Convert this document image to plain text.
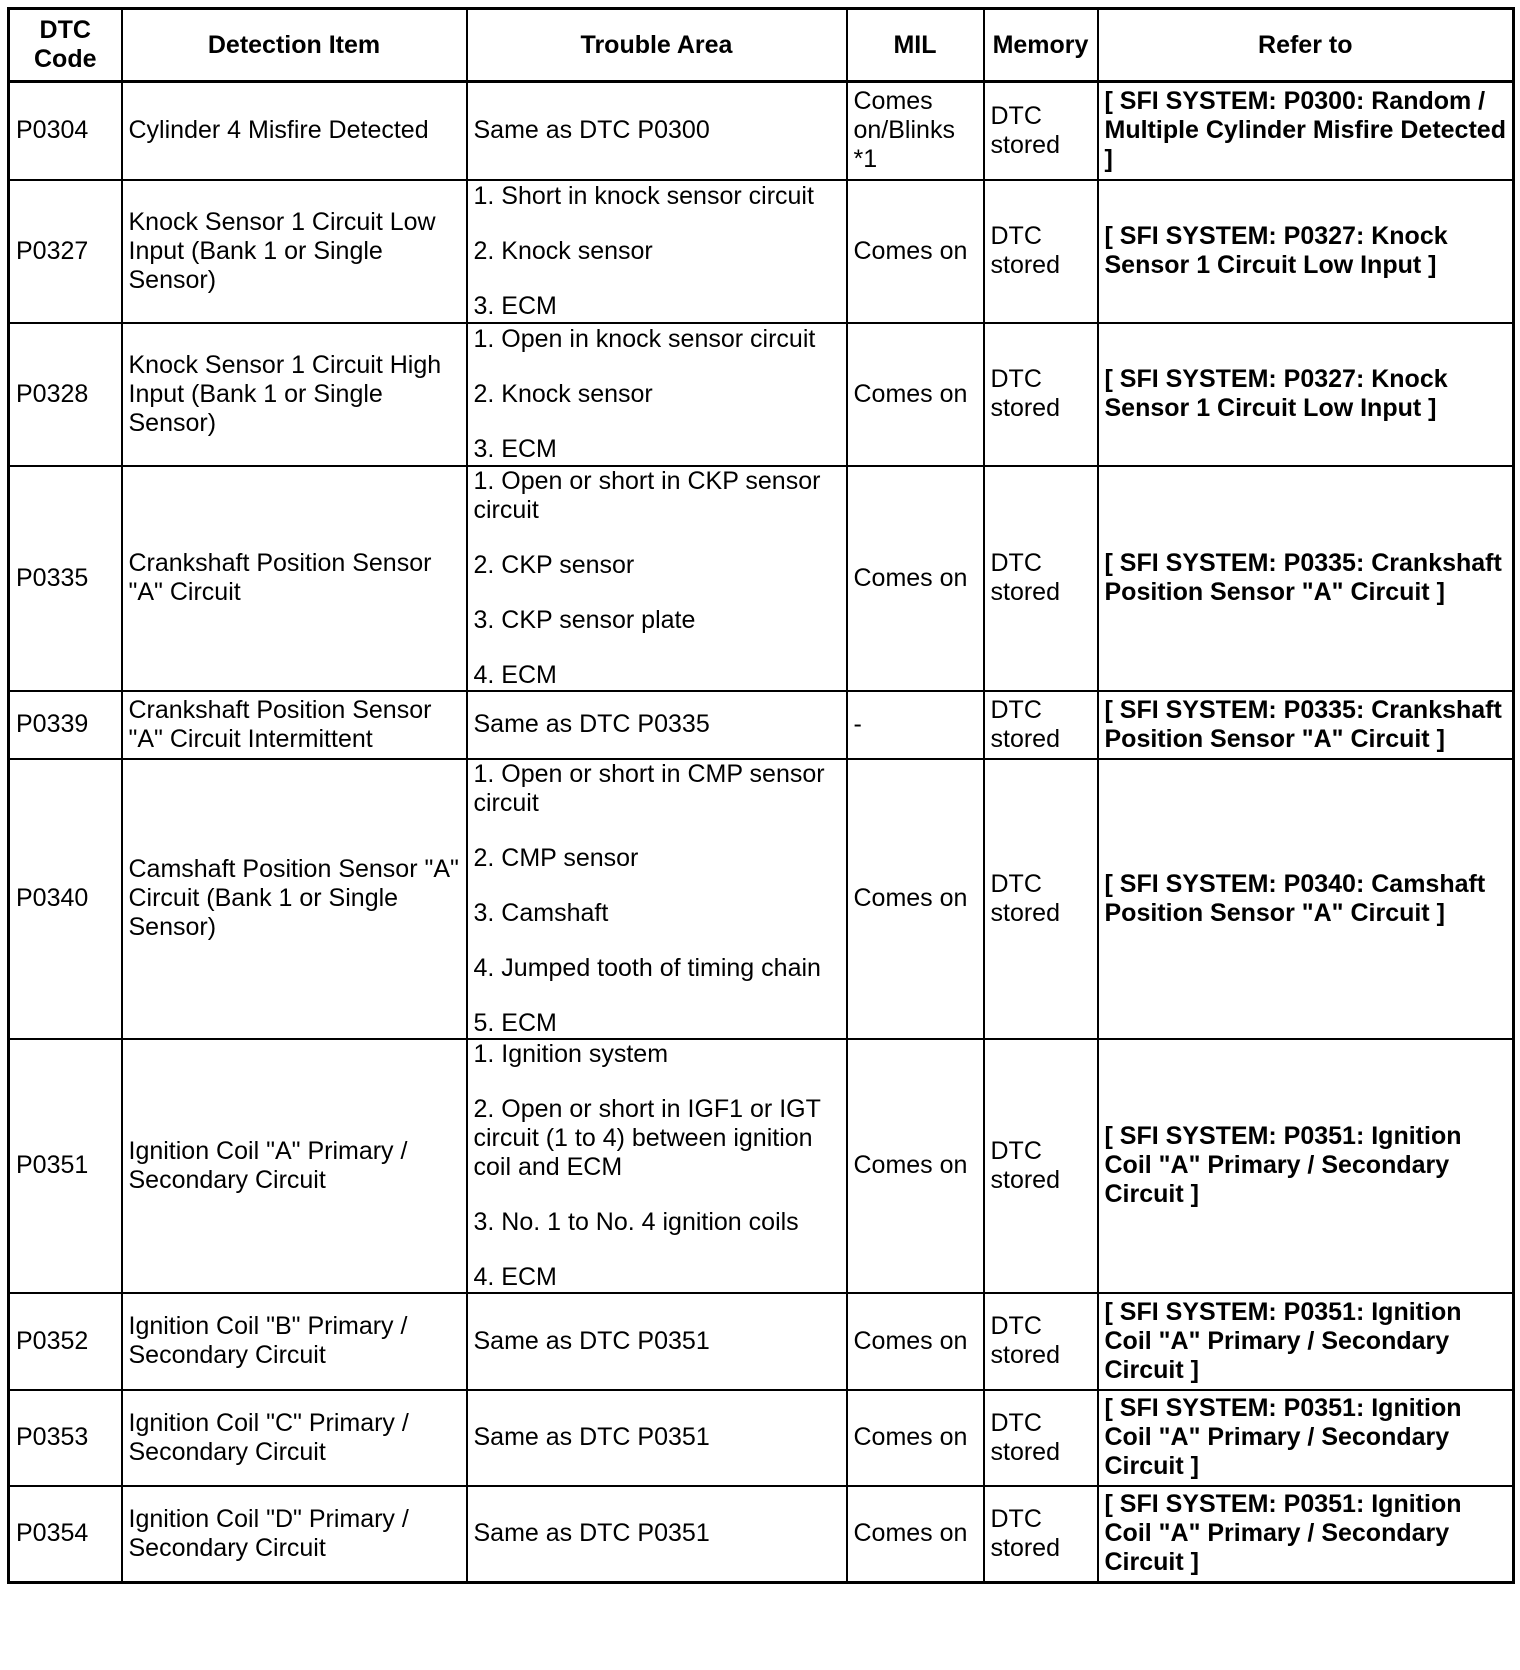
DTC
Code	Detection Item	Trouble Area	MIL	Memory	Refer to
P0304	Cylinder 4 Misfire Detected	Same as DTC P0300	Comes on/Blinks *1	DTC stored	[ SFI SYSTEM: P0300: Random / Multiple Cylinder Misfire Detected ]
P0327	Knock Sensor 1 Circuit Low Input (Bank 1 or Single Sensor)	1. Short in knock sensor circuit
2. Knock sensor
3. ECM	Comes on	DTC stored	[ SFI SYSTEM: P0327: Knock Sensor 1 Circuit Low Input ]
P0328	Knock Sensor 1 Circuit High Input (Bank 1 or Single Sensor)	1. Open in knock sensor circuit
2. Knock sensor
3. ECM	Comes on	DTC stored	[ SFI SYSTEM: P0327: Knock Sensor 1 Circuit Low Input ]
P0335	Crankshaft Position Sensor "A" Circuit	1. Open or short in CKP sensor circuit
2. CKP sensor
3. CKP sensor plate
4. ECM	Comes on	DTC stored	[ SFI SYSTEM: P0335: Crankshaft Position Sensor "A" Circuit ]
P0339	Crankshaft Position Sensor "A" Circuit Intermittent	Same as DTC P0335	-	DTC stored	[ SFI SYSTEM: P0335: Crankshaft Position Sensor "A" Circuit ]
P0340	Camshaft Position Sensor "A" Circuit (Bank 1 or Single Sensor)	1. Open or short in CMP sensor circuit
2. CMP sensor
3. Camshaft
4. Jumped tooth of timing chain
5. ECM	Comes on	DTC stored	[ SFI SYSTEM: P0340: Camshaft Position Sensor "A" Circuit ]
P0351	Ignition Coil "A" Primary / Secondary Circuit	1. Ignition system
2. Open or short in IGF1 or IGT circuit (1 to 4) between ignition coil and ECM
3. No. 1 to No. 4 ignition coils
4. ECM	Comes on	DTC stored	[ SFI SYSTEM: P0351: Ignition Coil "A" Primary / Secondary Circuit ]
P0352	Ignition Coil "B" Primary / Secondary Circuit	Same as DTC P0351	Comes on	DTC stored	[ SFI SYSTEM: P0351: Ignition Coil "A" Primary / Secondary Circuit ]
P0353	Ignition Coil "C" Primary / Secondary Circuit	Same as DTC P0351	Comes on	DTC stored	[ SFI SYSTEM: P0351: Ignition Coil "A" Primary / Secondary Circuit ]
P0354	Ignition Coil "D" Primary / Secondary Circuit	Same as DTC P0351	Comes on	DTC stored	[ SFI SYSTEM: P0351: Ignition Coil "A" Primary / Secondary Circuit ]
